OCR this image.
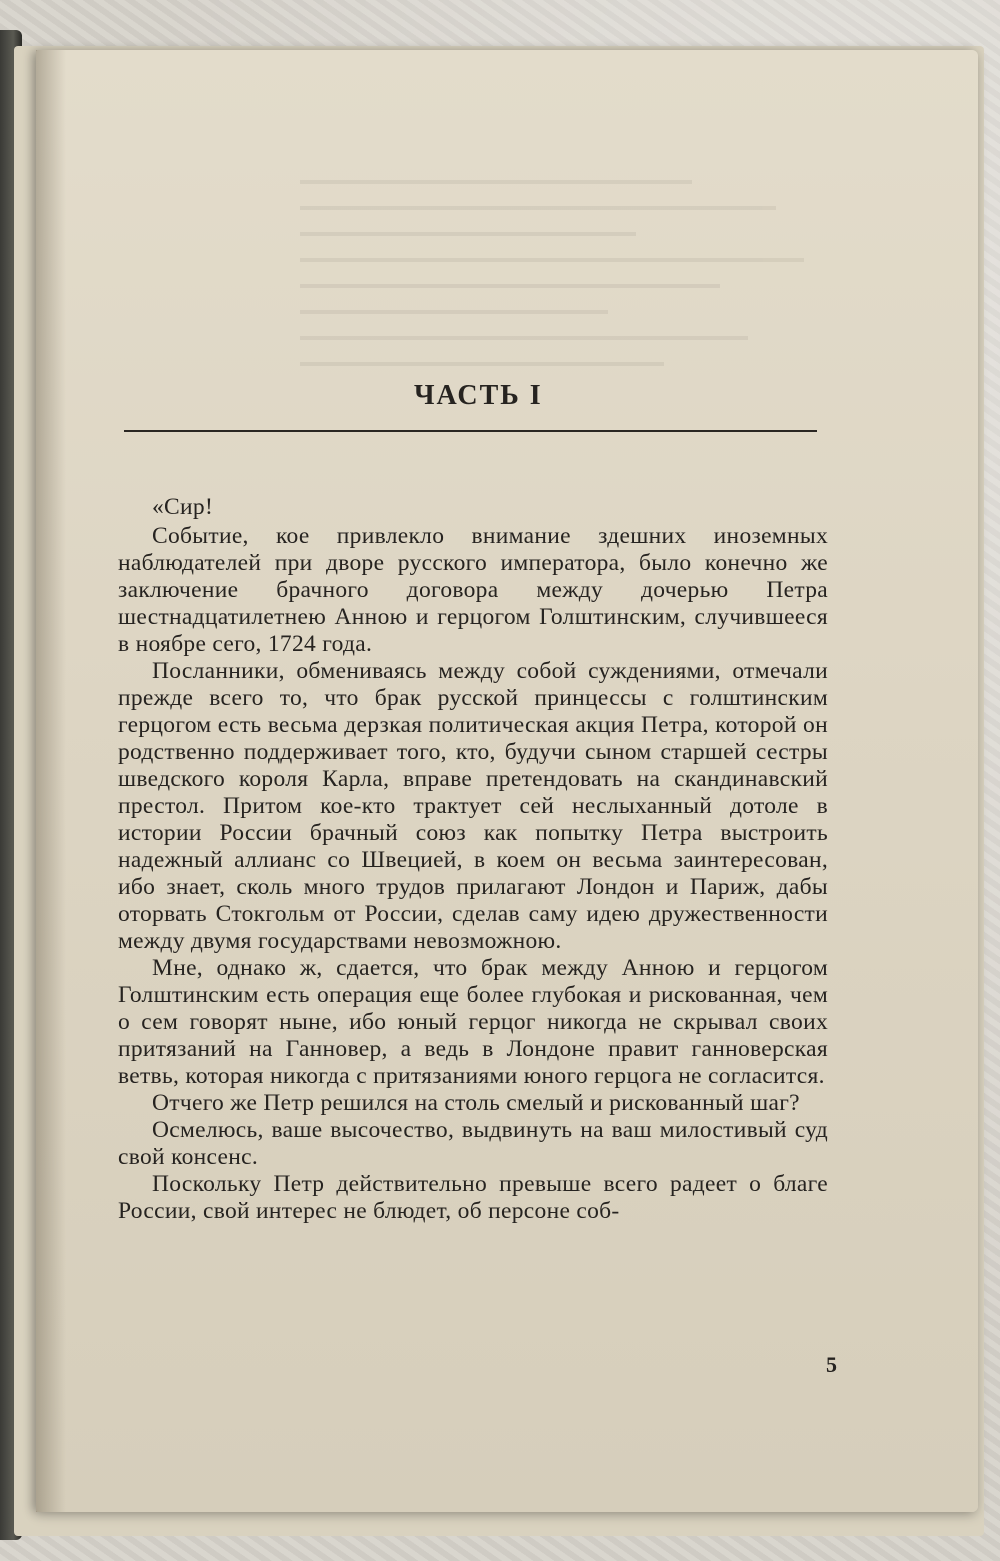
ЧАСТЬ I

«Сир!

Событие, кое привлекло внимание здешних иноземных наблюдателей при дворе русского императора, было конечно же заключение брачного договора между дочерью Петра шестнадцатилетнею Анною и герцогом Голштинским, случившееся в ноябре сего, 1724 года.

Посланники, обмениваясь между собой суждениями, отмечали прежде всего то, что брак русской принцессы с голштинским герцогом есть весьма дерзкая политическая акция Петра, которой он родственно поддерживает того, кто, будучи сыном старшей сестры шведского короля Карла, вправе претендовать на скандинавский престол. Притом кое-кто трактует сей неслыханный дотоле в истории России брачный союз как попытку Петра выстроить надежный аллианс со Швецией, в коем он весьма заинтересован, ибо знает, сколь много трудов прилагают Лондон и Париж, дабы оторвать Стокгольм от России, сделав саму идею дружественности между двумя государствами невозможною.

Мне, однако ж, сдается, что брак между Анною и герцогом Голштинским есть операция еще более глубокая и рискованная, чем о сем говорят ныне, ибо юный герцог никогда не скрывал своих притязаний на Ганновер, а ведь в Лондоне правит ганноверская ветвь, которая никогда с притязаниями юного герцога не согласится.

Отчего же Петр решился на столь смелый и рискованный шаг?

Осмелюсь, ваше высочество, выдвинуть на ваш милостивый суд свой консенс.

Поскольку Петр действительно превыше всего радеет о благе России, свой интерес не блюдет, об персоне соб-

5
